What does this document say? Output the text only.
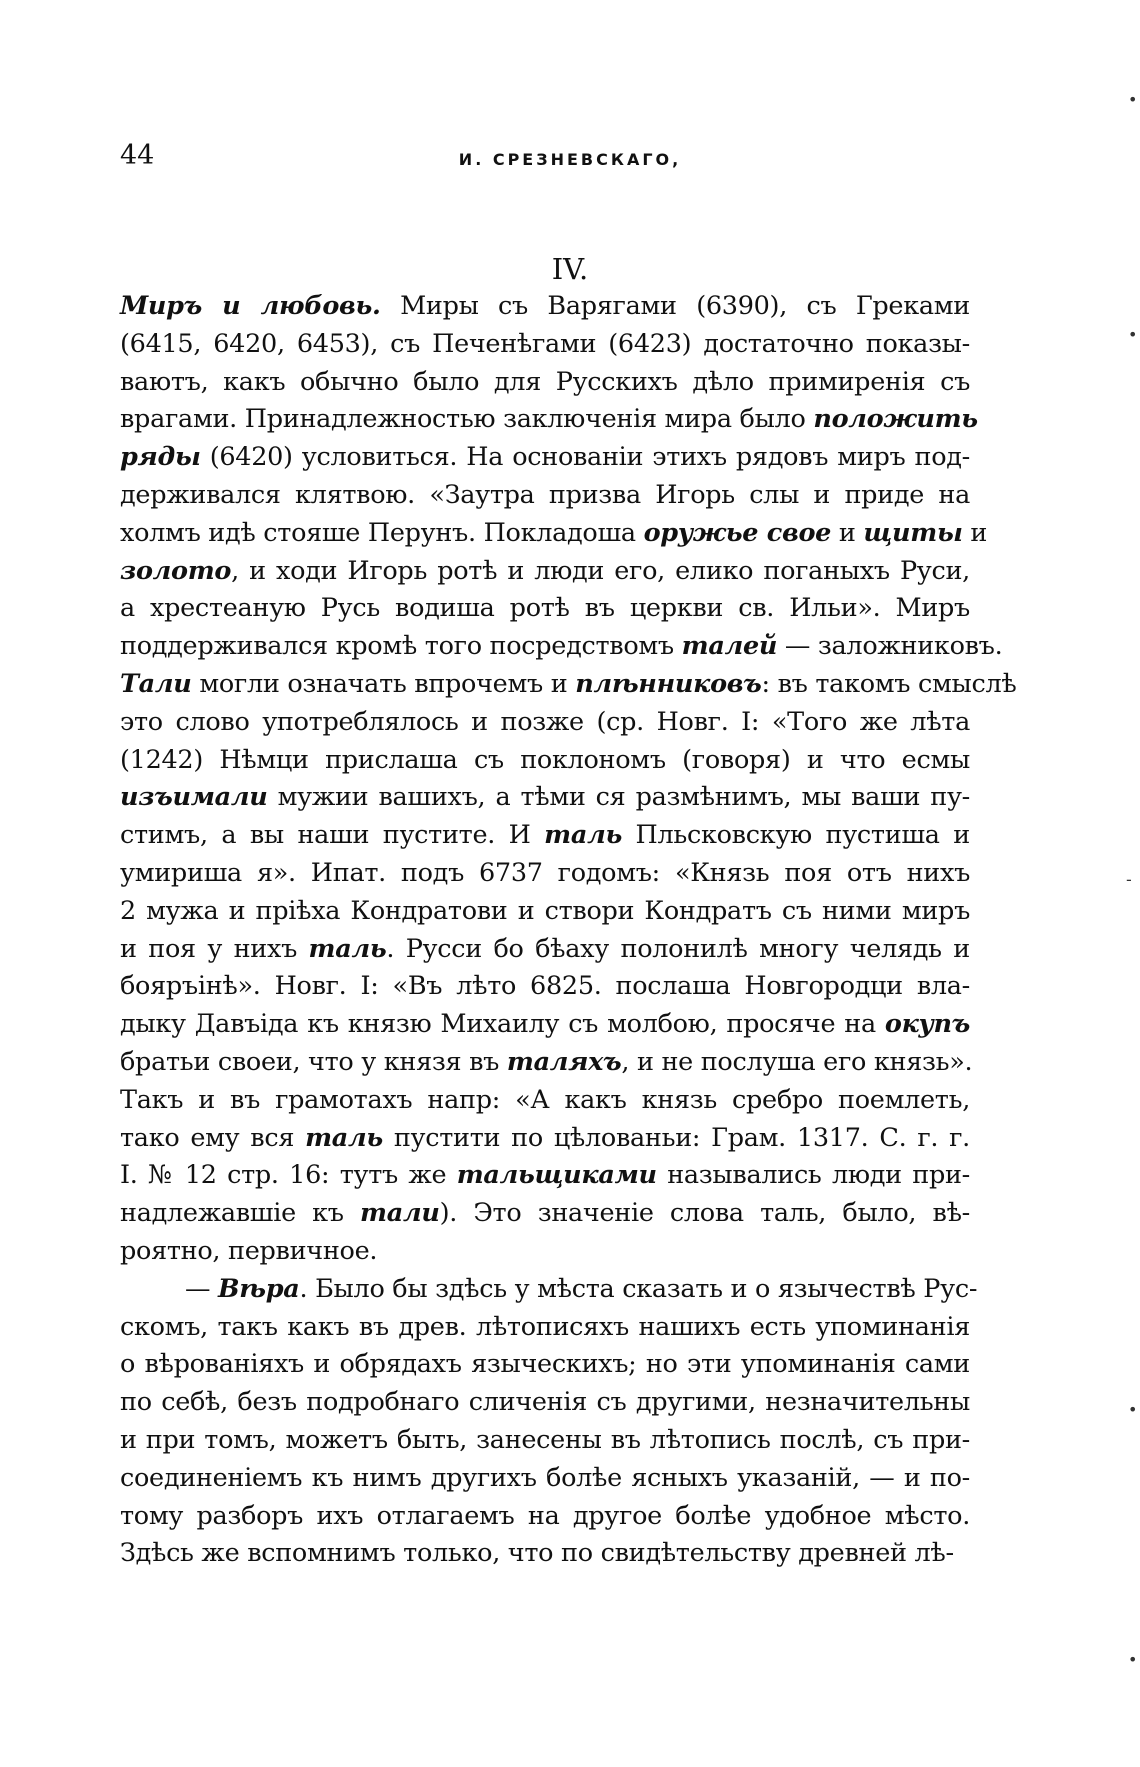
44	И. СРЕЗНЕВСКАГО,
IV.
Миръ и любовь. Миры съ Варягами (6390), съ Греками
(6415, 6420, 6453), съ Печенѣгами (6423) достаточно показы-
ваютъ, какъ обычно было для Русскихъ дѣло примиренія съ
врагами. Принадлежностью заключенія мира было положить
ряды (6420) условиться. На основаніи этихъ рядовъ миръ под-
держивался клятвою. «Заутра призва Игорь слы и приде на
холмъ идѣ стояше Перунъ. Покладоша оружье свое и щиты и
золото, и ходи Игорь ротѣ и люди его, елико поганыхъ Руси,
а хрестеаную Русь водиша ротѣ въ церкви св. Ильи». Миръ
поддерживался кромѣ того посредствомъ талей — заложниковъ.
Тали могли означать впрочемъ и плѣнниковъ: въ такомъ смыслѣ
это слово употреблялось и позже (ср. Новг. I: «Того же лѣта
(1242) Нѣмци прислаша съ поклономъ (говоря) и что есмы
изъимали мужии вашихъ, а тѣми ся размѣнимъ, мы ваши пу-
стимъ, а вы наши пустите. И таль Пльсковскую пустиша и
умириша я». Ипат. подъ 6737 годомъ: «Князь поя отъ нихъ
2 мужа и пріѣха Кондратови и створи Кондратъ съ ними миръ
и поя у нихъ таль. Русси бо бѣаху полонилѣ многу челядь и
бояръінѣ». Новг. I: «Въ лѣто 6825. послаша Новгородци вла-
дыку Давъіда къ князю Михаилу съ молбою, просяче на окупъ
братьи своеи, что у князя въ таляхъ, и не послуша его князь».
Такъ и въ грамотахъ напр: «А какъ князь сребро поемлеть,
тако ему вся таль пустити по цѣлованьи: Грам. 1317. С. г. г.
I. № 12 стр. 16: тутъ же тальщиками назывались люди при-
надлежавшіе къ тали). Это значеніе слова таль, было, вѣ-
роятно, первичное.
— Вѣра. Было бы здѣсь у мѣста сказать и о язычествѣ Рус-
скомъ, такъ какъ въ древ. лѣтописяхъ нашихъ есть упоминанія
о вѣрованіяхъ и обрядахъ языческихъ; но эти упоминанія сами
по себѣ, безъ подробнаго сличенія съ другими, незначительны
и при томъ, можетъ быть, занесены въ лѣтопись послѣ, съ при-
соединеніемъ къ нимъ другихъ болѣе ясныхъ указаній, — и по-
тому разборъ ихъ отлагаемъ на другое болѣе удобное мѣсто.
Здѣсь же вспомнимъ только, что по свидѣтельству древней лѣ-
•
•
-
•
•
